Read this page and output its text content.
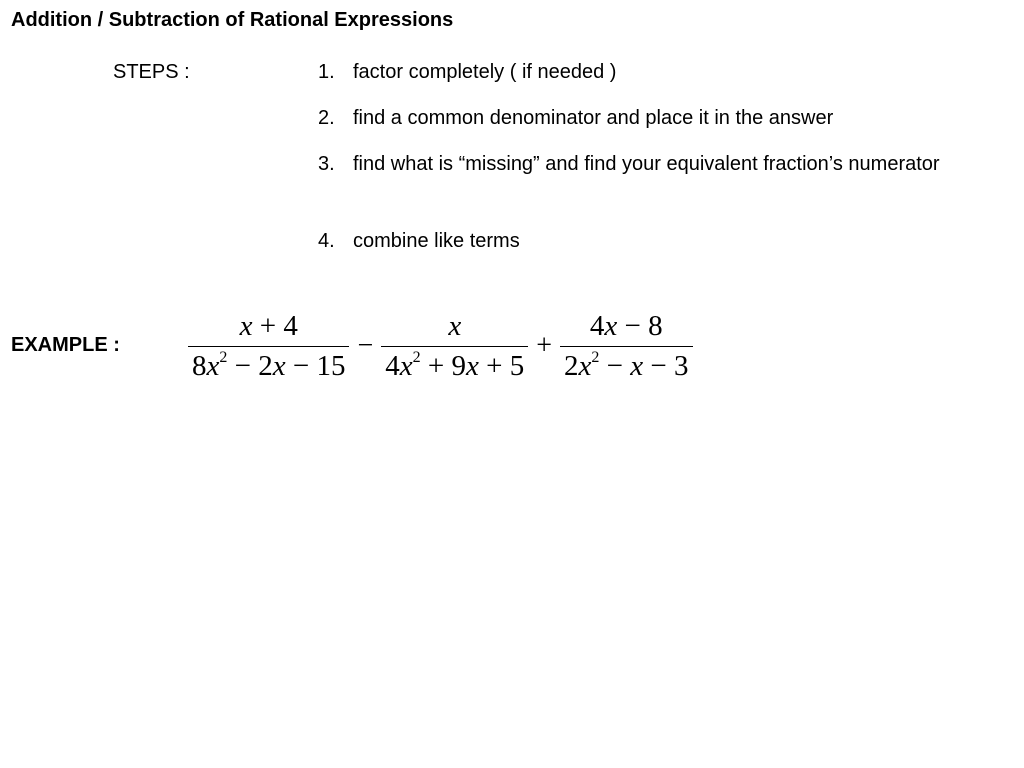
Addition / Subtraction of Rational Expressions
STEPS :	1. factor completely ( if needed )
2. find a common denominator and place it in the answer
3. find what is “missing” and find your equivalent fraction’s numerator
4. combine like terms
EXAMPLE : $\frac{x + 4}{8x^2 - 2x - 15} - \frac{x}{4x^2 + 9x + 5} + \frac{4x - 8}{2x^2 - x - 3}$
